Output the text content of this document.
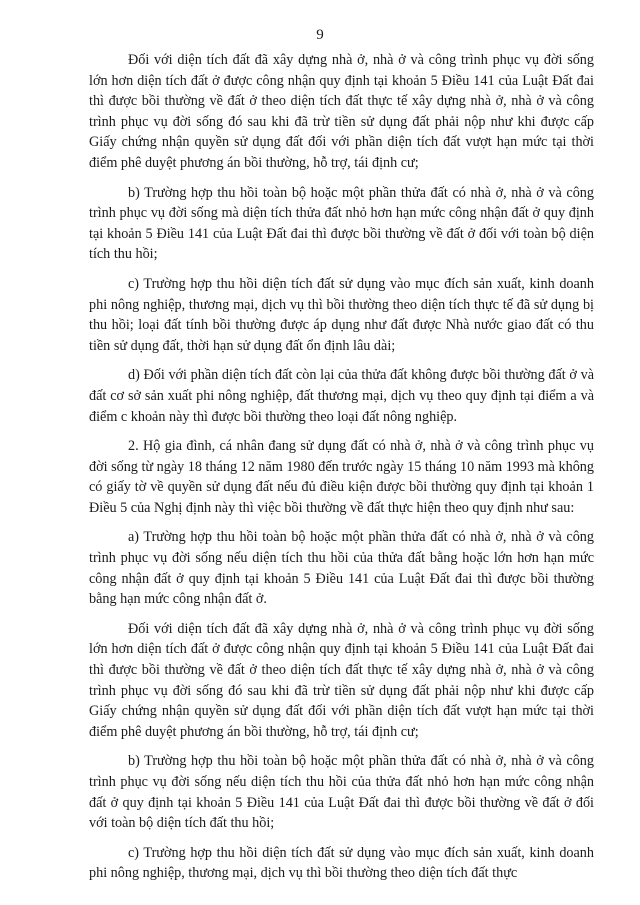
9

Đối với diện tích đất đã xây dựng nhà ở, nhà ở và công trình phục vụ đời sống lớn hơn diện tích đất ở được công nhận quy định tại khoản 5 Điều 141 của Luật Đất đai thì được bồi thường về đất ở theo diện tích đất thực tế xây dựng nhà ở, nhà ở và công trình phục vụ đời sống đó sau khi đã trừ tiền sử dụng đất phải nộp như khi được cấp Giấy chứng nhận quyền sử dụng đất đối với phần diện tích đất vượt hạn mức tại thời điểm phê duyệt phương án bồi thường, hỗ trợ, tái định cư;

b) Trường hợp thu hồi toàn bộ hoặc một phần thửa đất có nhà ở, nhà ở và công trình phục vụ đời sống mà diện tích thửa đất nhỏ hơn hạn mức công nhận đất ở quy định tại khoản 5 Điều 141 của Luật Đất đai thì được bồi thường về đất ở đối với toàn bộ diện tích thu hồi;

c) Trường hợp thu hồi diện tích đất sử dụng vào mục đích sản xuất, kinh doanh phi nông nghiệp, thương mại, dịch vụ thì bồi thường theo diện tích thực tế đã sử dụng bị thu hồi; loại đất tính bồi thường được áp dụng như đất được Nhà nước giao đất có thu tiền sử dụng đất, thời hạn sử dụng đất ổn định lâu dài;

d) Đối với phần diện tích đất còn lại của thửa đất không được bồi thường đất ở và đất cơ sở sản xuất phi nông nghiệp, đất thương mại, dịch vụ theo quy định tại điểm a và điểm c khoản này thì được bồi thường theo loại đất nông nghiệp.

2. Hộ gia đình, cá nhân đang sử dụng đất có nhà ở, nhà ở và công trình phục vụ đời sống từ ngày 18 tháng 12 năm 1980 đến trước ngày 15 tháng 10 năm 1993 mà không có giấy tờ về quyền sử dụng đất nếu đủ điều kiện được bồi thường quy định tại khoản 1 Điều 5 của Nghị định này thì việc bồi thường về đất thực hiện theo quy định như sau:

a) Trường hợp thu hồi toàn bộ hoặc một phần thửa đất có nhà ở, nhà ở và công trình phục vụ đời sống nếu diện tích thu hồi của thửa đất bằng hoặc lớn hơn hạn mức công nhận đất ở quy định tại khoản 5 Điều 141 của Luật Đất đai thì được bồi thường bằng hạn mức công nhận đất ở.

Đối với diện tích đất đã xây dựng nhà ở, nhà ở và công trình phục vụ đời sống lớn hơn diện tích đất ở được công nhận quy định tại khoản 5 Điều 141 của Luật Đất đai thì được bồi thường về đất ở theo diện tích đất thực tế xây dựng nhà ở, nhà ở và công trình phục vụ đời sống đó sau khi đã trừ tiền sử dụng đất phải nộp như khi được cấp Giấy chứng nhận quyền sử dụng đất đối với phần diện tích đất vượt hạn mức tại thời điểm phê duyệt phương án bồi thường, hỗ trợ, tái định cư;

b) Trường hợp thu hồi toàn bộ hoặc một phần thửa đất có nhà ở, nhà ở và công trình phục vụ đời sống nếu diện tích thu hồi của thửa đất nhỏ hơn hạn mức công nhận đất ở quy định tại khoản 5 Điều 141 của Luật Đất đai thì được bồi thường về đất ở đối với toàn bộ diện tích đất thu hồi;

c) Trường hợp thu hồi diện tích đất sử dụng vào mục đích sản xuất, kinh doanh phi nông nghiệp, thương mại, dịch vụ thì bồi thường theo diện tích đất thực
